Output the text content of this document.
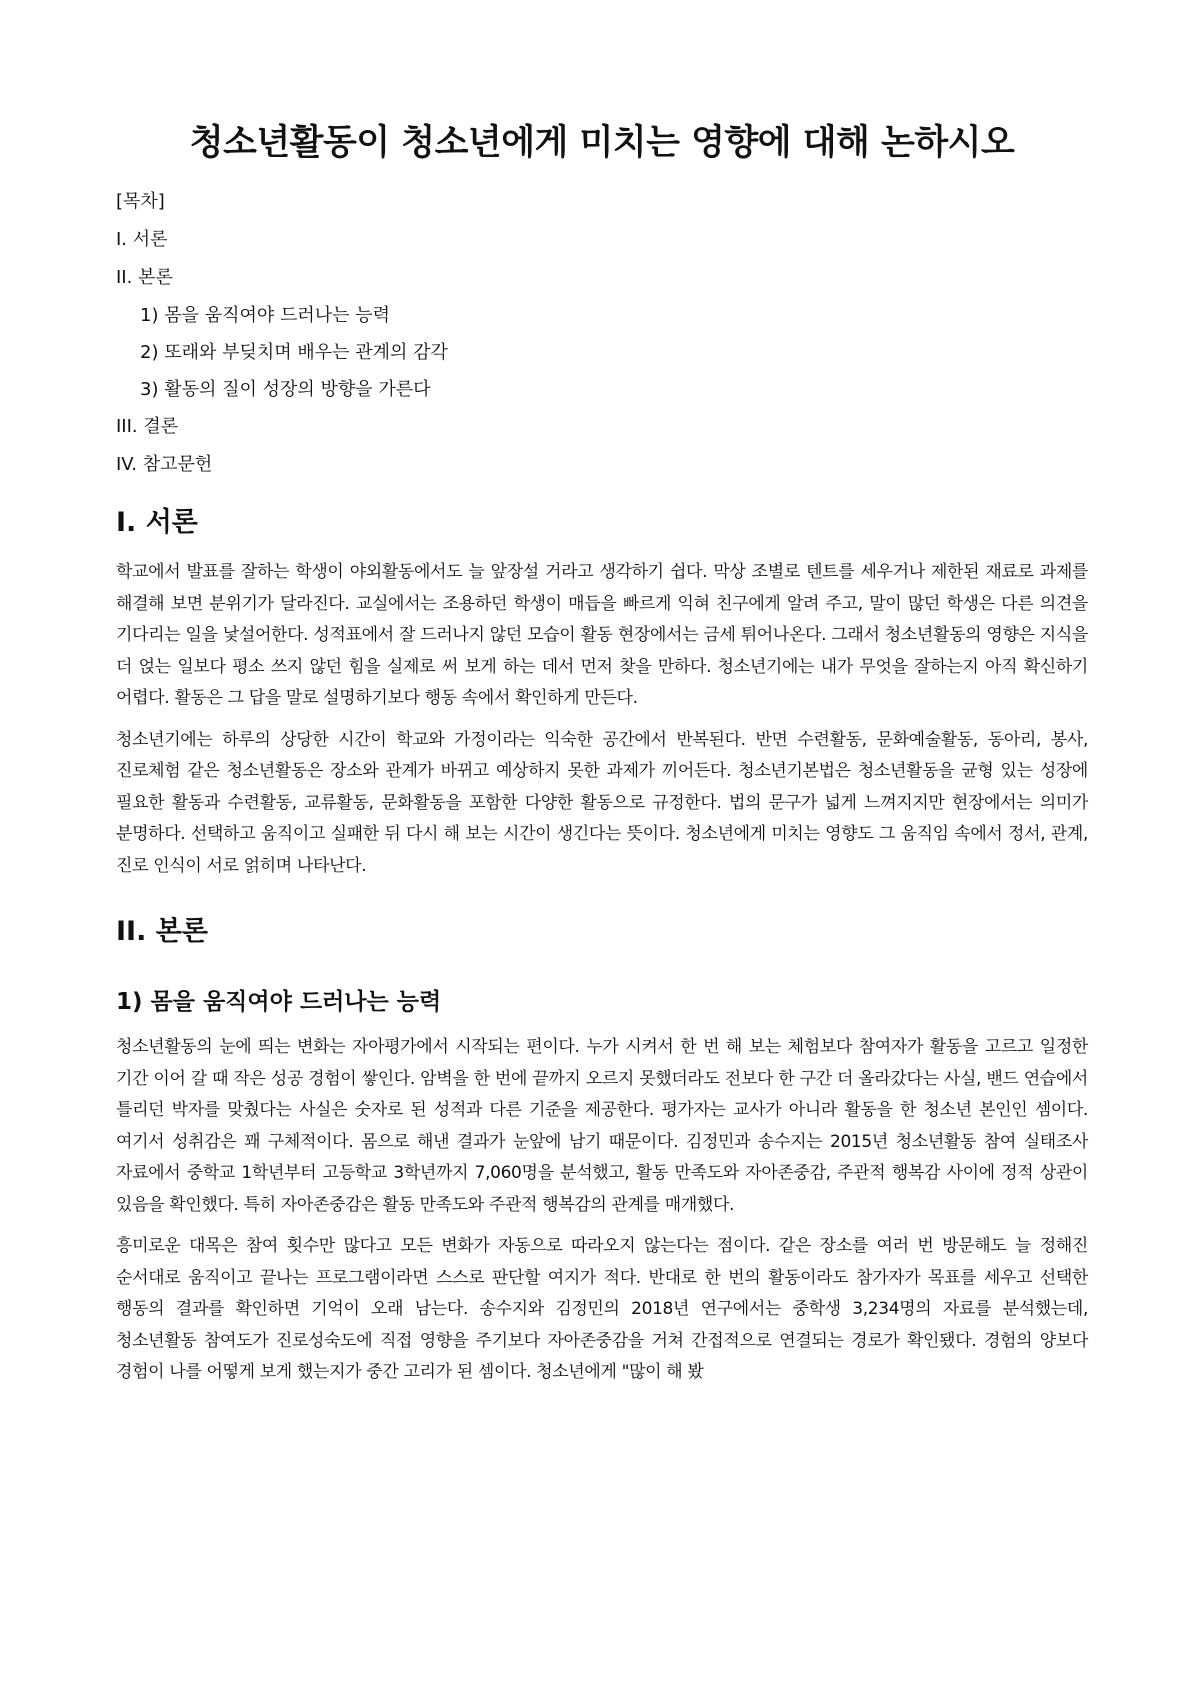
청소년활동이 청소년에게 미치는 영향에 대해 논하시오
[목차]
I. 서론
II. 본론
1) 몸을 움직여야 드러나는 능력
2) 또래와 부딪치며 배우는 관계의 감각
3) 활동의 질이 성장의 방향을 가른다
III. 결론
IV. 참고문헌
I. 서론

학교에서 발표를 잘하는 학생이 야외활동에서도 늘 앞장설 거라고 생각하기 쉽다. 막상 조별로 텐트를 세우거나 제한된 재료로 과제를 해결해 보면 분위기가 달라진다. 교실에서는 조용하던 학생이 매듭을 빠르게 익혀 친구에게 알려 주고, 말이 많던 학생은 다른 의견을 기다리는 일을 낯설어한다. 성적표에서 잘 드러나지 않던 모습이 활동 현장에서는 금세 튀어나온다. 그래서 청소년활동의 영향은 지식을 더 얹는 일보다 평소 쓰지 않던 힘을 실제로 써 보게 하는 데서 먼저 찾을 만하다. 청소년기에는 내가 무엇을 잘하는지 아직 확신하기 어렵다. 활동은 그 답을 말로 설명하기보다 행동 속에서 확인하게 만든다.

청소년기에는 하루의 상당한 시간이 학교와 가정이라는 익숙한 공간에서 반복된다. 반면 수련활동, 문화예술활동, 동아리, 봉사, 진로체험 같은 청소년활동은 장소와 관계가 바뀌고 예상하지 못한 과제가 끼어든다. 청소년기본법은 청소년활동을 균형 있는 성장에 필요한 활동과 수련활동, 교류활동, 문화활동을 포함한 다양한 활동으로 규정한다. 법의 문구가 넓게 느껴지지만 현장에서는 의미가 분명하다. 선택하고 움직이고 실패한 뒤 다시 해 보는 시간이 생긴다는 뜻이다. 청소년에게 미치는 영향도 그 움직임 속에서 정서, 관계, 진로 인식이 서로 얽히며 나타난다.

II. 본론
1) 몸을 움직여야 드러나는 능력

청소년활동의 눈에 띄는 변화는 자아평가에서 시작되는 편이다. 누가 시켜서 한 번 해 보는 체험보다 참여자가 활동을 고르고 일정한 기간 이어 갈 때 작은 성공 경험이 쌓인다. 암벽을 한 번에 끝까지 오르지 못했더라도 전보다 한 구간 더 올라갔다는 사실, 밴드 연습에서 틀리던 박자를 맞췄다는 사실은 숫자로 된 성적과 다른 기준을 제공한다. 평가자는 교사가 아니라 활동을 한 청소년 본인인 셈이다. 여기서 성취감은 꽤 구체적이다. 몸으로 해낸 결과가 눈앞에 남기 때문이다. 김정민과 송수지는 2015년 청소년활동 참여 실태조사 자료에서 중학교 1학년부터 고등학교 3학년까지 7,060명을 분석했고, 활동 만족도와 자아존중감, 주관적 행복감 사이에 정적 상관이 있음을 확인했다. 특히 자아존중감은 활동 만족도와 주관적 행복감의 관계를 매개했다.

흥미로운 대목은 참여 횟수만 많다고 모든 변화가 자동으로 따라오지 않는다는 점이다. 같은 장소를 여러 번 방문해도 늘 정해진 순서대로 움직이고 끝나는 프로그램이라면 스스로 판단할 여지가 적다. 반대로 한 번의 활동이라도 참가자가 목표를 세우고 선택한 행동의 결과를 확인하면 기억이 오래 남는다. 송수지와 김정민의 2018년 연구에서는 중학생 3,234명의 자료를 분석했는데, 청소년활동 참여도가 진로성숙도에 직접 영향을 주기보다 자아존중감을 거쳐 간접적으로 연결되는 경로가 확인됐다. 경험의 양보다 경험이 나를 어떻게 보게 했는지가 중간 고리가 된 셈이다. 청소년에게 "많이 해 봤
